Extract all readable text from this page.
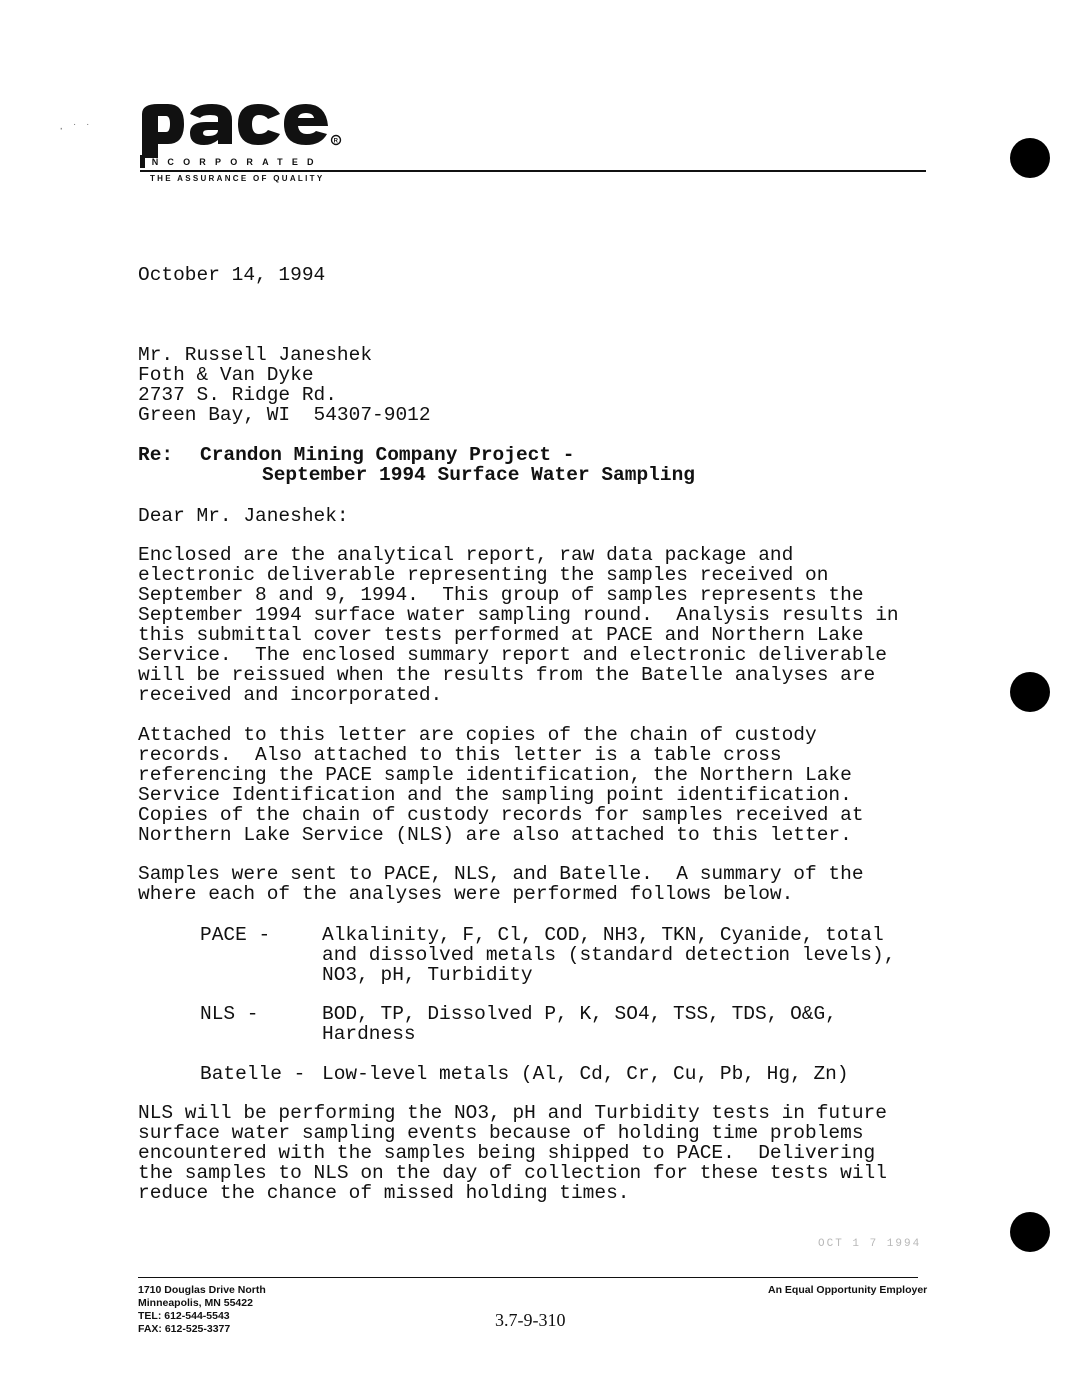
· ˙ ˙
R
INCORPORATED
THE ASSURANCE OF QUALITY
October 14, 1994
Mr. Russell Janeshek
Foth & Van Dyke
2737 S. Ridge Rd.
Green Bay, WI  54307-9012
Re: Crandon Mining Company Project -
September 1994 Surface Water Sampling
Dear Mr. Janeshek:
Enclosed are the analytical report, raw data package and
electronic deliverable representing the samples received on
September 8 and 9, 1994.  This group of samples represents the
September 1994 surface water sampling round.  Analysis results in
this submittal cover tests performed at PACE and Northern Lake
Service.  The enclosed summary report and electronic deliverable
will be reissued when the results from the Batelle analyses are
received and incorporated.
Attached to this letter are copies of the chain of custody
records.  Also attached to this letter is a table cross
referencing the PACE sample identification, the Northern Lake
Service Identification and the sampling point identification.
Copies of the chain of custody records for samples received at
Northern Lake Service (NLS) are also attached to this letter.
Samples were sent to PACE, NLS, and Batelle.  A summary of the
where each of the analyses were performed follows below.
PACE -	Alkalinity, F, Cl, COD, NH3, TKN, Cyanide, total
and dissolved metals (standard detection levels),
NO3, pH, Turbidity
NLS -	BOD, TP, Dissolved P, K, SO4, TSS, TDS, O&G,
Hardness
Batelle - Low-level metals (Al, Cd, Cr, Cu, Pb, Hg, Zn)
NLS will be performing the NO3, pH and Turbidity tests in future
surface water sampling events because of holding time problems
encountered with the samples being shipped to PACE.  Delivering
the samples to NLS on the day of collection for these tests will
reduce the chance of missed holding times.
OCT 1 7 1994
1710 Douglas Drive North
Minneapolis, MN 55422
TEL: 612-544-5543
FAX: 612-525-3377
An Equal Opportunity Employer
3.7-9-310
